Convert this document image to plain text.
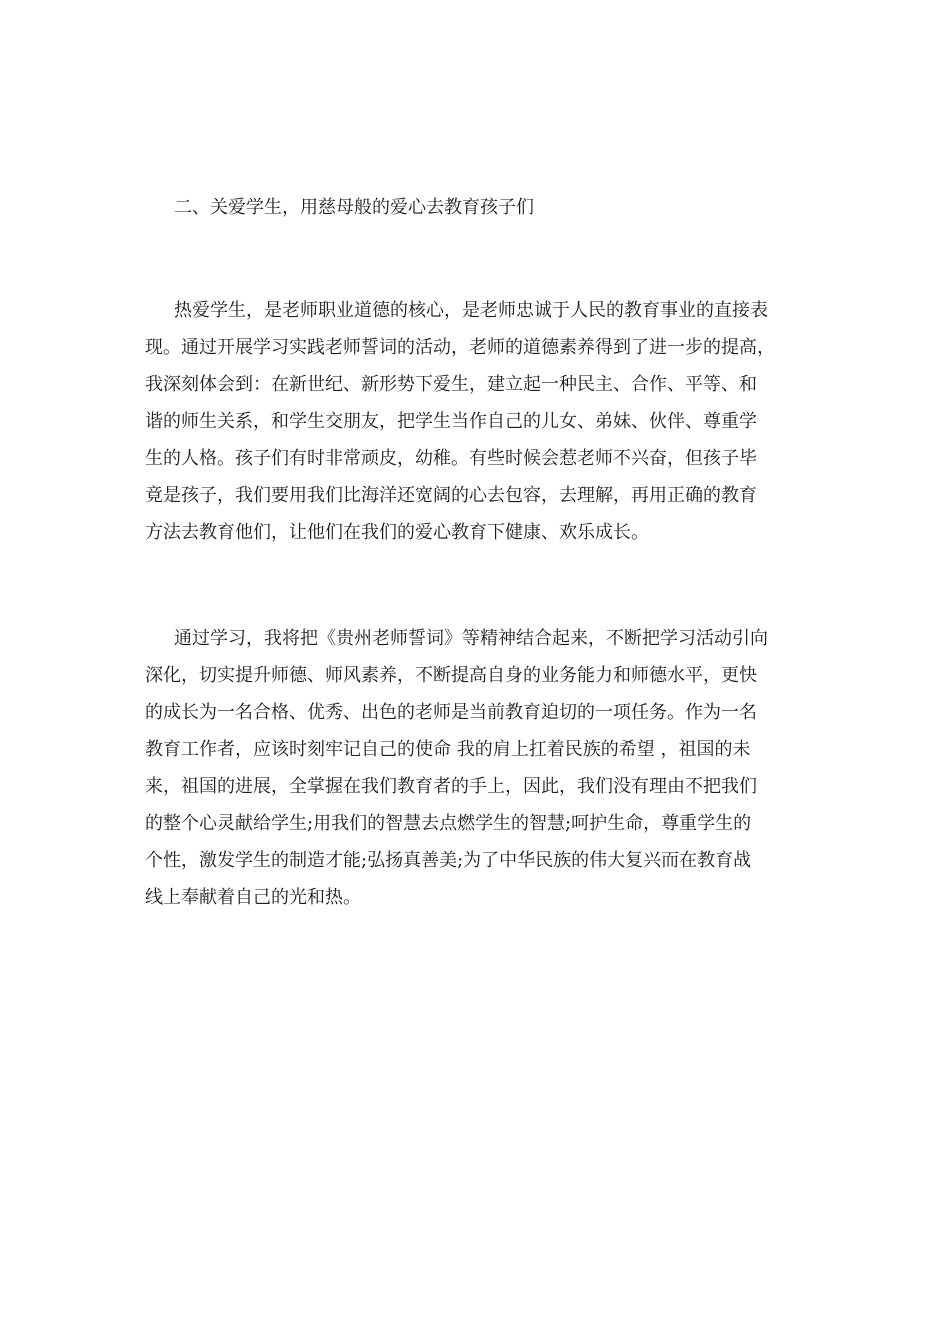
二、关爱学生，用慈母般的爱心去教育孩子们

热爱学生，是老师职业道德的核心，是老师忠诚于人民的教育事业的直接表
现。通过开展学习实践老师誓词的活动，老师的道德素养得到了进一步的提高，
我深刻体会到：在新世纪、新形势下爱生，建立起一种民主、合作、平等、和
谐的师生关系，和学生交朋友，把学生当作自己的儿女、弟妹、伙伴、尊重学
生的人格。孩子们有时非常顽皮，幼稚。有些时候会惹老师不兴奋，但孩子毕
竟是孩子，我们要用我们比海洋还宽阔的心去包容，去理解，再用正确的教育
方法去教育他们，让他们在我们的爱心教育下健康、欢乐成长。
通过学习，我将把《贵州老师誓词》等精神结合起来，不断把学习活动引向
深化，切实提升师德、师风素养，不断提高自身的业务能力和师德水平，更快
的成长为一名合格、优秀、出色的老师是当前教育迫切的一项任务。作为一名
教育工作者，应该时刻牢记自己的使命 我的肩上扛着民族的希望 ，祖国的未
来，祖国的进展，全掌握在我们教育者的手上，因此，我们没有理由不把我们
的整个心灵献给学生;用我们的智慧去点燃学生的智慧;呵护生命，尊重学生的
个性，激发学生的制造才能;弘扬真善美;为了中华民族的伟大复兴而在教育战
线上奉献着自己的光和热。
